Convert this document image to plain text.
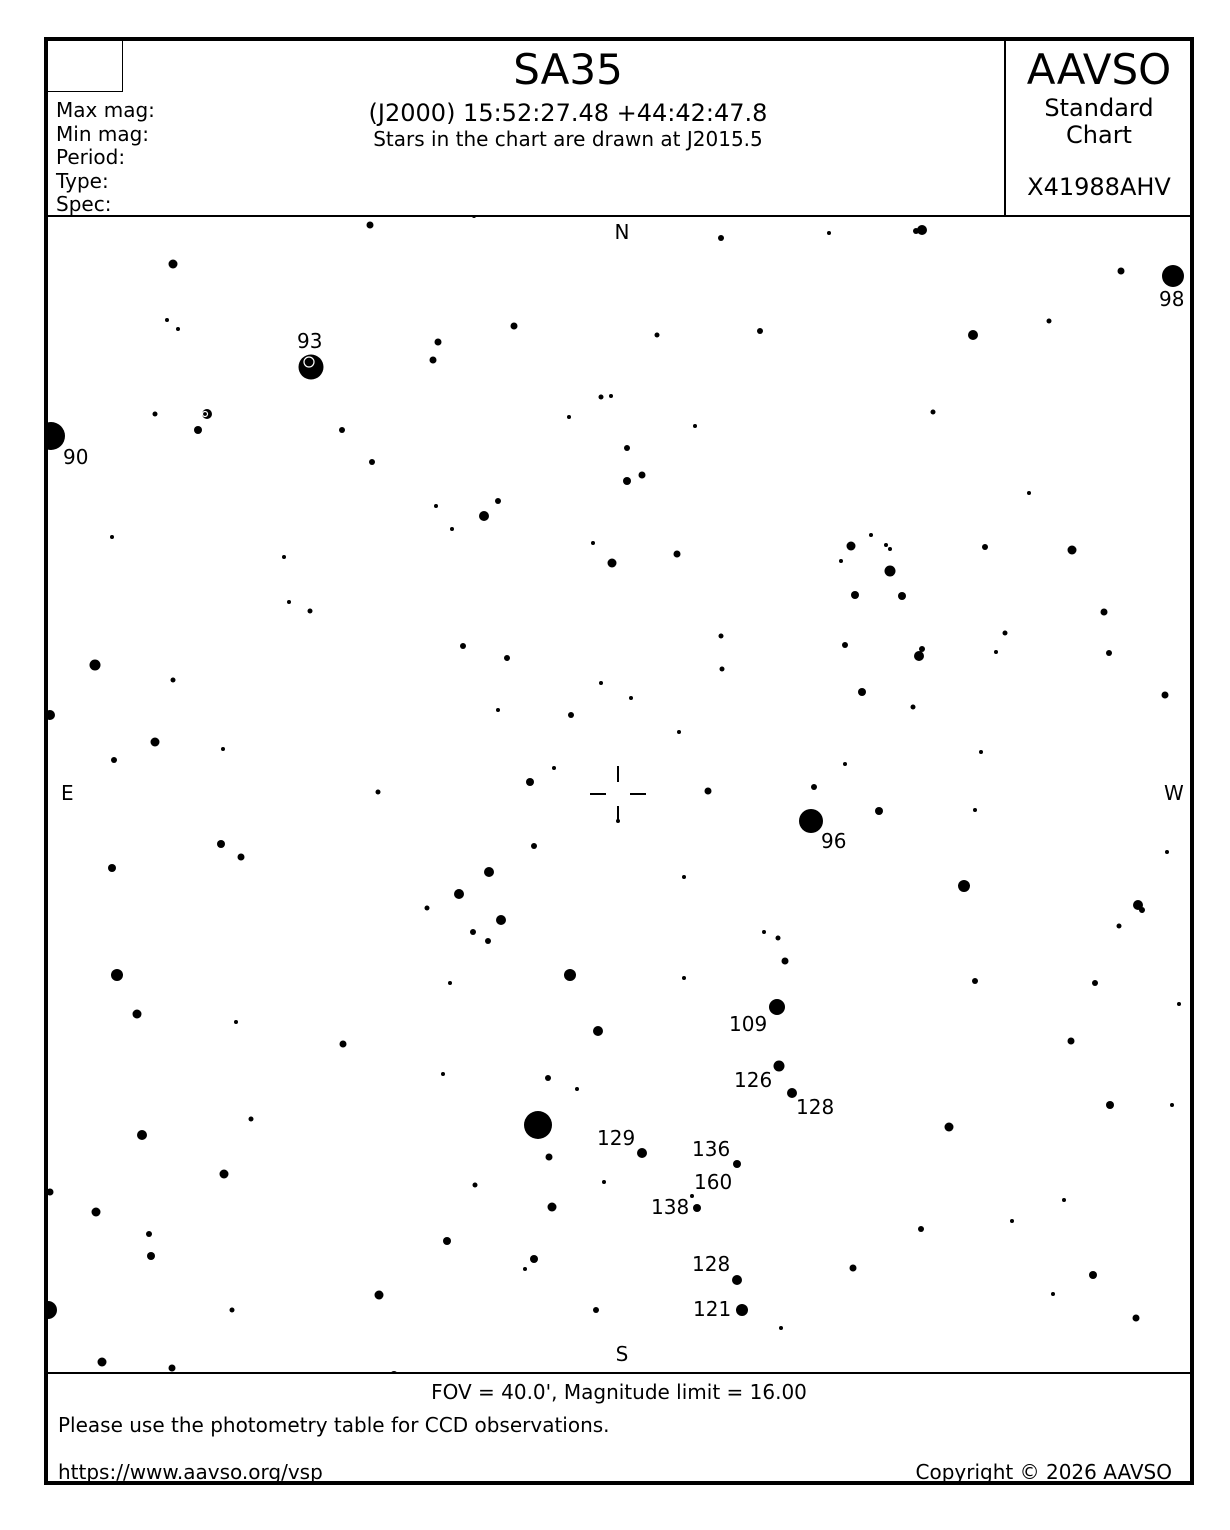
Max mag:
Min mag:
Period:
Type:
Spec:
SA35
(J2000) 15:52:27.48 +44:42:47.8
Stars in the chart are drawn at J2015.5
AAVSO
Standard
Chart
X41988AHV
N
S
E	W
90
93
98
96
109
126
128
129	136
160
138
128
121
FOV = 40.0', Magnitude limit = 16.00
Please use the photometry table for CCD observations.
https://www.aavso.org/vsp	Copyright © 2026 AAVSO
